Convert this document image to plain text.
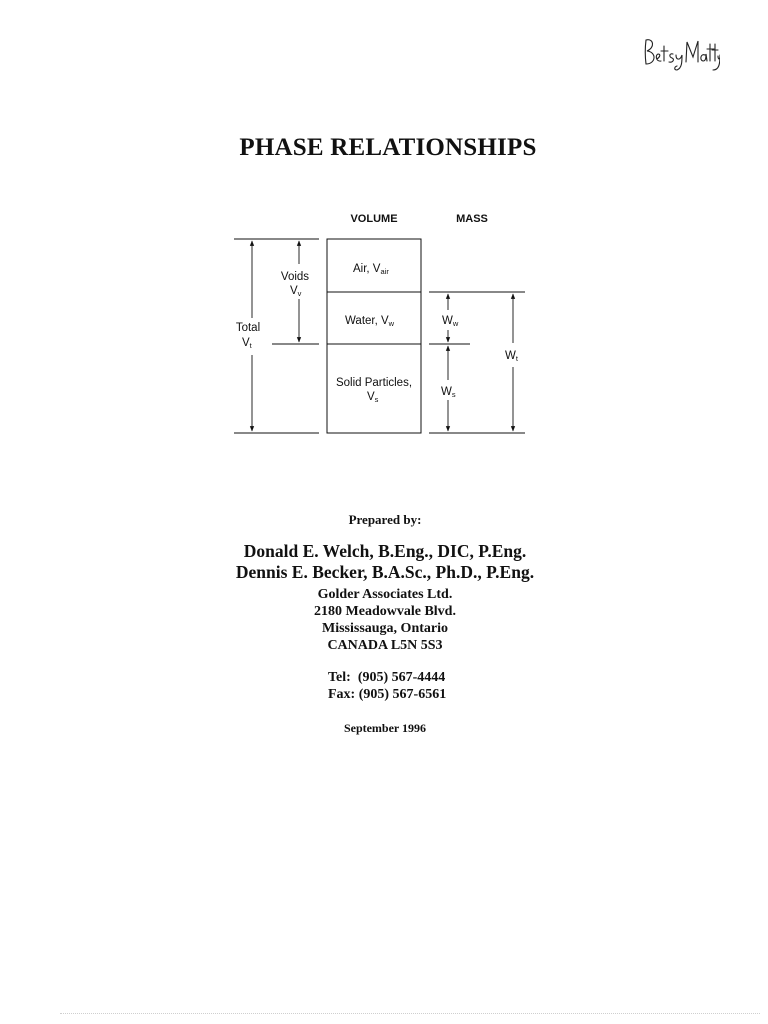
PHASE RELATIONSHIPS
VOLUME	MASS
Voids
Vv
Total
Vt
Air, Vair
Water, Vw
Solid Particles,
Vs
Ww
Ws
Wt
Prepared by:
Donald E. Welch, B.Eng., DIC, P.Eng.
Dennis E. Becker, B.A.Sc., Ph.D., P.Eng.
Golder Associates Ltd.
2180 Meadowvale Blvd.
Mississauga, Ontario
CANADA L5N 5S3
Tel:  (905) 567-4444
Fax: (905) 567-6561
September 1996
